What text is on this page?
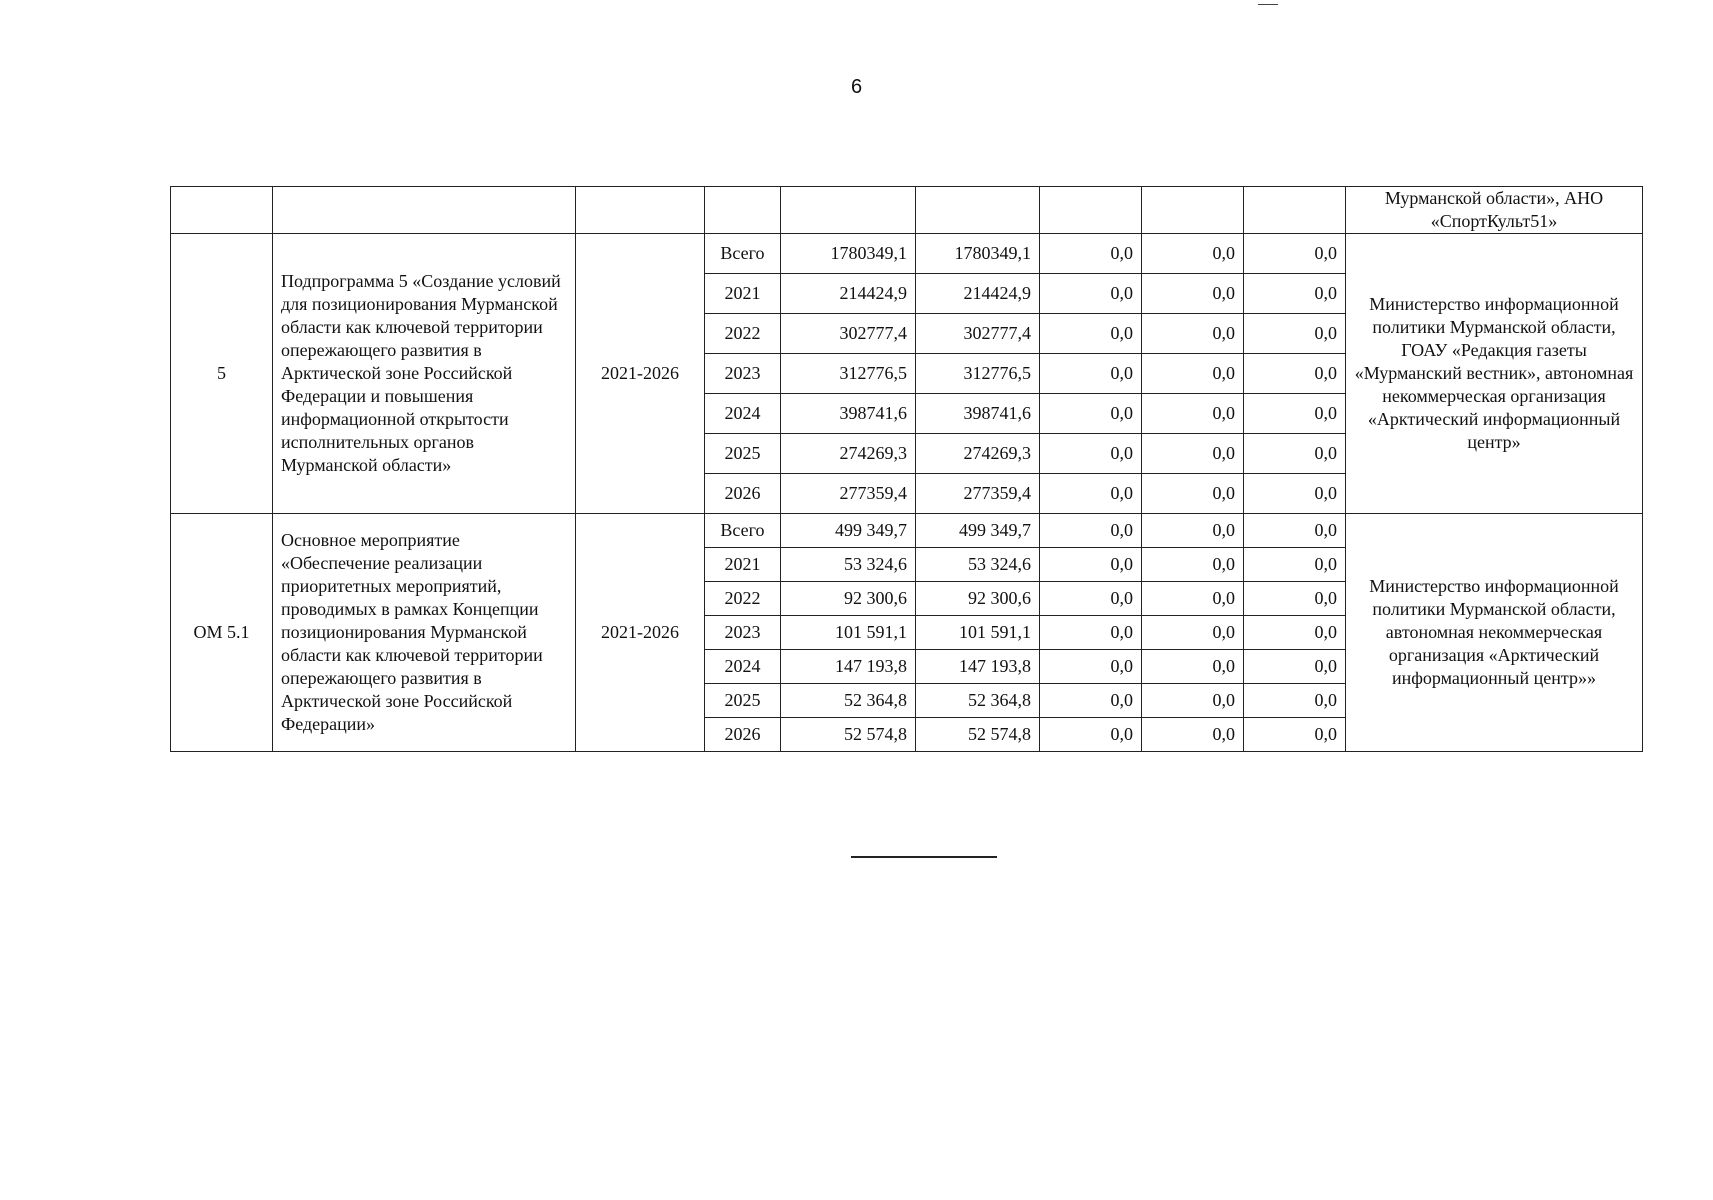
6
									Мурманской области», АНО «СпортКульт51»
5	Подпрограмма 5 «Создание условий для позиционирования Мурманской области как ключевой территории опережающего развития в Арктической зоне Российской Федерации и повышения информационной открытости исполнительных органов Мурманской области»	2021-2026	Всего	1780349,1	1780349,1	0,0	0,0	0,0	Министерство информационной политики Мурманской области, ГОАУ «Редакция газеты «Мурманский вестник», автономная некоммерческая организация «Арктический информационный центр»
			2021	214424,9	214424,9	0,0	0,0	0,0	
			2022	302777,4	302777,4	0,0	0,0	0,0	
			2023	312776,5	312776,5	0,0	0,0	0,0	
			2024	398741,6	398741,6	0,0	0,0	0,0	
			2025	274269,3	274269,3	0,0	0,0	0,0	
			2026	277359,4	277359,4	0,0	0,0	0,0	
ОМ 5.1	Основное мероприятие «Обеспечение реализации приоритетных мероприятий, проводимых в рамках Концепции позиционирования Мурманской области как ключевой территории опережающего развития в Арктической зоне Российской Федерации»	2021-2026	Всего	499 349,7	499 349,7	0,0	0,0	0,0	Министерство информационной политики Мурманской области, автономная некоммерческая организация «Арктический информационный центр»»
			2021	53 324,6	53 324,6	0,0	0,0	0,0	
			2022	92 300,6	92 300,6	0,0	0,0	0,0	
			2023	101 591,1	101 591,1	0,0	0,0	0,0	
			2024	147 193,8	147 193,8	0,0	0,0	0,0	
			2025	52 364,8	52 364,8	0,0	0,0	0,0	
			2026	52 574,8	52 574,8	0,0	0,0	0,0	
